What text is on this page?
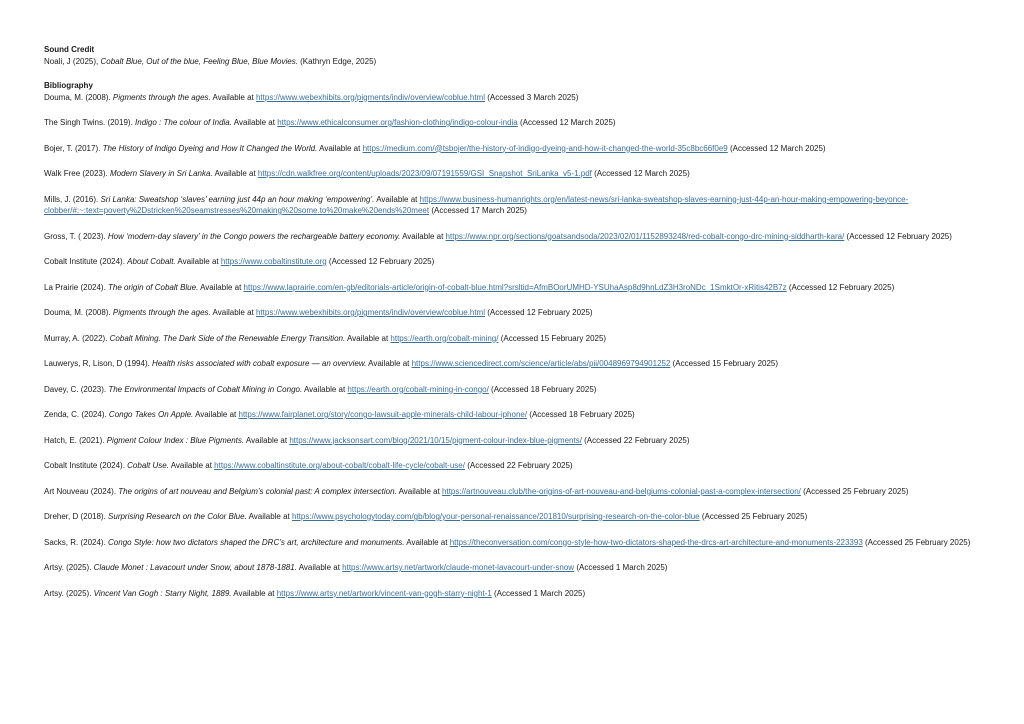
Sound Credit

Noali, J (2025), Cobalt Blue, Out of the blue, Feeling Blue, Blue Movies. (Kathryn Edge, 2025)

Bibliography

Douma, M. (2008). Pigments through the ages. Available at https://www.webexhibits.org/pigments/indiv/overview/coblue.html (Accessed 3 March 2025)

The Singh Twins. (2019). Indigo : The colour of India. Available at https://www.ethicalconsumer.org/fashion-clothing/indigo-colour-india (Accessed 12 March 2025)

Bojer, T. (2017). The History of Indigo Dyeing and How It Changed the World. Available at https://medium.com/@tsbojer/the-history-of-indigo-dyeing-and-how-it-changed-the-world-35c8bc66f0e9 (Accessed 12 March 2025)

Walk Free (2023). Modern Slavery in Sri Lanka. Available at https://cdn.walkfree.org/content/uploads/2023/09/07191559/GSI_Snapshot_SriLanka_v5-1.pdf (Accessed 12 March 2025)

Mills, J. (2016). Sri Lanka: Sweatshop ‘slaves’ earning just 44p an hour making ‘empowering’. Available at https://www.business-humanrights.org/en/latest-news/sri-lanka-sweatshop-slaves-earning-just-44p-an-hour-making-empowering-beyonce-clobber/#:~:text=poverty%2Dstricken%20seamstresses%20making%20some.to%20make%20ends%20meet (Accessed 17 March 2025)

Gross, T. ( 2023). How ‘modern-day slavery’ in the Congo powers the rechargeable battery economy. Available at https://www.npr.org/sections/goatsandsoda/2023/02/01/1152893248/red-cobalt-congo-drc-mining-siddharth-kara/ (Accessed 12 February 2025)

Cobalt Institute (2024). About Cobalt. Available at https://www.cobaltinstitute.org (Accessed 12 February 2025)

La Prairie (2024). The origin of Cobalt Blue. Available at https://www.laprairie.com/en-gb/editorials-article/origin-of-cobalt-blue.html?srsltid=AfmBOorUMHD-YSUhaAsp8d9hnLdZ3H3roNDc_1SmktOr-xRitis42B7z (Accessed 12 February 2025)

Douma, M. (2008). Pigments through the ages. Available at https://www.webexhibits.org/pigments/indiv/overview/coblue.html (Accessed 12 February 2025)

Murray, A. (2022). Cobalt Mining. The Dark Side of the Renewable Energy Transition. Available at https://earth.org/cobalt-mining/ (Accessed 15 February 2025)

Lauwerys, R, Lison, D (1994). Health risks associated with cobalt exposure — an overview. Available at https://www.sciencedirect.com/science/article/abs/pii/0048969794901252 (Accessed 15 February 2025)

Davey, C. (2023). The Environmental Impacts of Cobalt Mining in Congo. Available at https://earth.org/cobalt-mining-in-congo/ (Accessed 18 February 2025)

Zenda, C. (2024). Congo Takes On Apple. Available at https://www.fairplanet.org/story/congo-lawsuit-apple-minerals-child-labour-iphone/ (Accessed 18 February 2025)

Hatch, E. (2021). Pigment Colour Index : Blue Pigments. Available at https://www.jacksonsart.com/blog/2021/10/15/pigment-colour-index-blue-pigments/ (Accessed 22 February 2025)

Cobalt Institute (2024). Cobalt Use. Available at https://www.cobaltinstitute.org/about-cobalt/cobalt-life-cycle/cobalt-use/ (Accessed 22 February 2025)

Art Nouveau (2024). The origins of art nouveau and Belgium’s colonial past: A complex intersection. Available at https://artnouveau.club/the-origins-of-art-nouveau-and-belgiums-colonial-past-a-complex-intersection/ (Accessed 25 February 2025)

Dreher, D (2018). Surprising Research on the Color Blue. Available at https://www.psychologytoday.com/gb/blog/your-personal-renaissance/201810/surprising-research-on-the-color-blue (Accessed 25 February 2025)

Sacks, R. (2024). Congo Style: how two dictators shaped the DRC’s art, architecture and monuments. Available at https://theconversation.com/congo-style-how-two-dictators-shaped-the-drcs-art-architecture-and-monuments-223393 (Accessed 25 February 2025)

Artsy. (2025). Claude Monet : Lavacourt under Snow, about 1878-1881. Available at https://www.artsy.net/artwork/claude-monet-lavacourt-under-snow (Accessed 1 March 2025)

Artsy. (2025). Vincent Van Gogh : Starry Night, 1889. Available at https://www.artsy.net/artwork/vincent-van-gogh-starry-night-1 (Accessed 1 March 2025)
